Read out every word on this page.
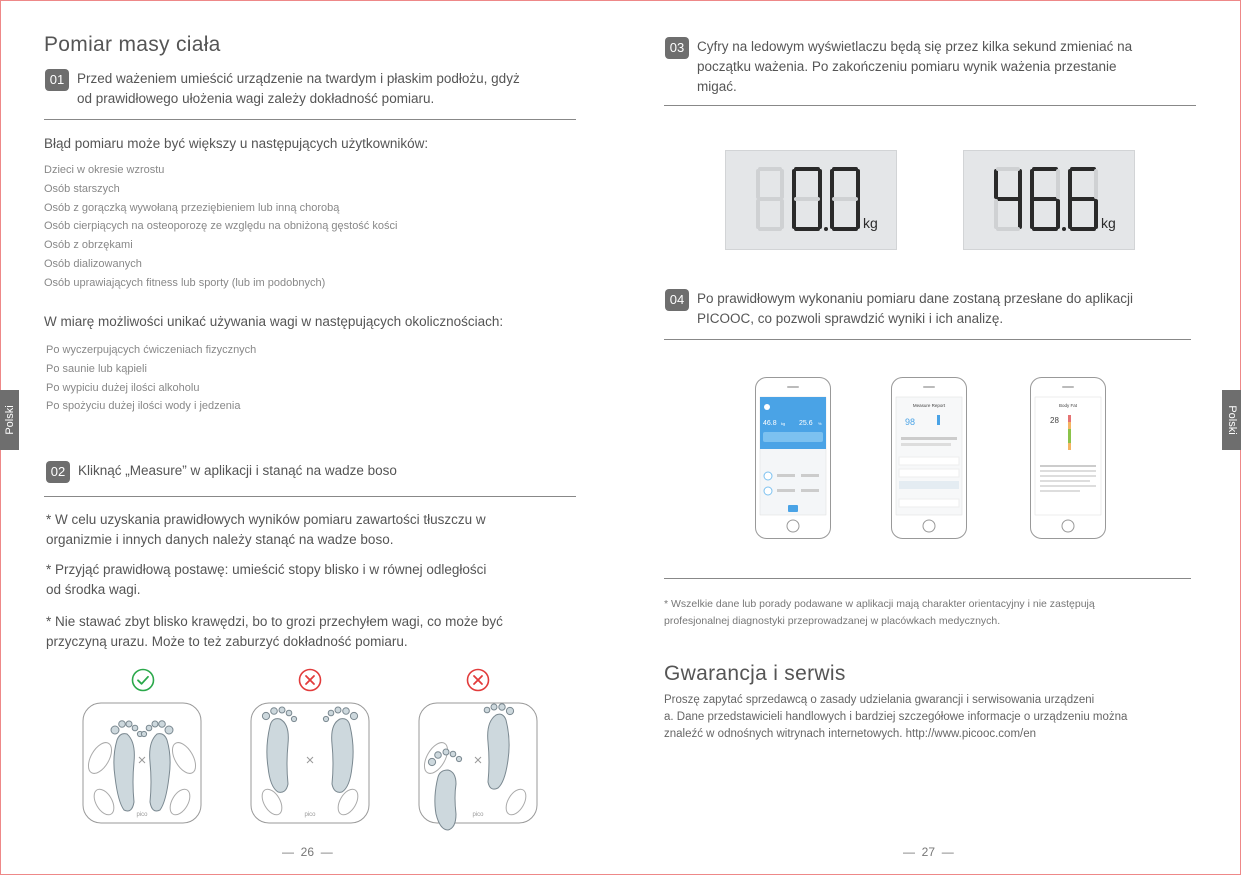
Pomiar masy ciała
01 Przed ważeniem umieścić urządzenie na twardym i płaskim podłożu, gdyż
od prawidłowego ułożenia wagi zależy dokładność pomiaru.
Błąd pomiaru może być większy u następujących użytkowników:
Dzieci w okresie wzrostu
Osób starszych
Osób z gorączką wywołaną przeziębieniem lub inną chorobą
Osób cierpiących na osteoporozę ze względu na obniżoną gęstość kości
Osób z obrzękami
Osób dializowanych
Osób uprawiających fitness lub sporty (lub im podobnych)
W miarę możliwości unikać używania wagi w następujących okolicznościach:
Po wyczerpujących ćwiczeniach fizycznych
Po saunie lub kąpieli
Po wypiciu dużej ilości alkoholu
Po spożyciu dużej ilości wody i jedzenia
Polski
02 Kliknąć „Measure” w aplikacji i stanąć na wadze boso
* W celu uzyskania prawidłowych wyników pomiaru zawartości tłuszczu w
organizmie i innych danych należy stanąć na wadze boso.
* Przyjąć prawidłową postawę: umieścić stopy blisko i w równej odległości
od środka wagi.
* Nie stawać zbyt blisko krawędzi, bo to grozi przechyłem wagi, co może być
przyczyną urazu. Może to też zaburzyć dokładność pomiaru.
pico	pico	pico
—  26  —
03 Cyfry na ledowym wyświetlaczu będą się przez kilka sekund zmieniać na
początku ważenia. Po zakończeniu pomiaru wynik ważenia przestanie
migać.
kg	kg
04 Po prawidłowym wykonaniu pomiaru dane zostaną przesłane do aplikacji
PICOOC, co pozwoli sprawdzić wyniki i ich analizę.
46.8 kg 25.6 %
Measure Report
98
Body Fat
28
* Wszelkie dane lub porady podawane w aplikacji mają charakter orientacyjny i nie zastępują
profesjonalnej diagnostyki przeprowadzanej w placówkach medycznych.
Polski
Gwarancja i serwis
Proszę zapytać sprzedawcą o zasady udzielania gwarancji i serwisowania urządzeni
a. Dane przedstawicieli handlowych i bardziej szczegółowe informacje o urządzeniu można
znaleźć w odnośnych witrynach internetowych. http://www.picooc.com/en
—  27  —
